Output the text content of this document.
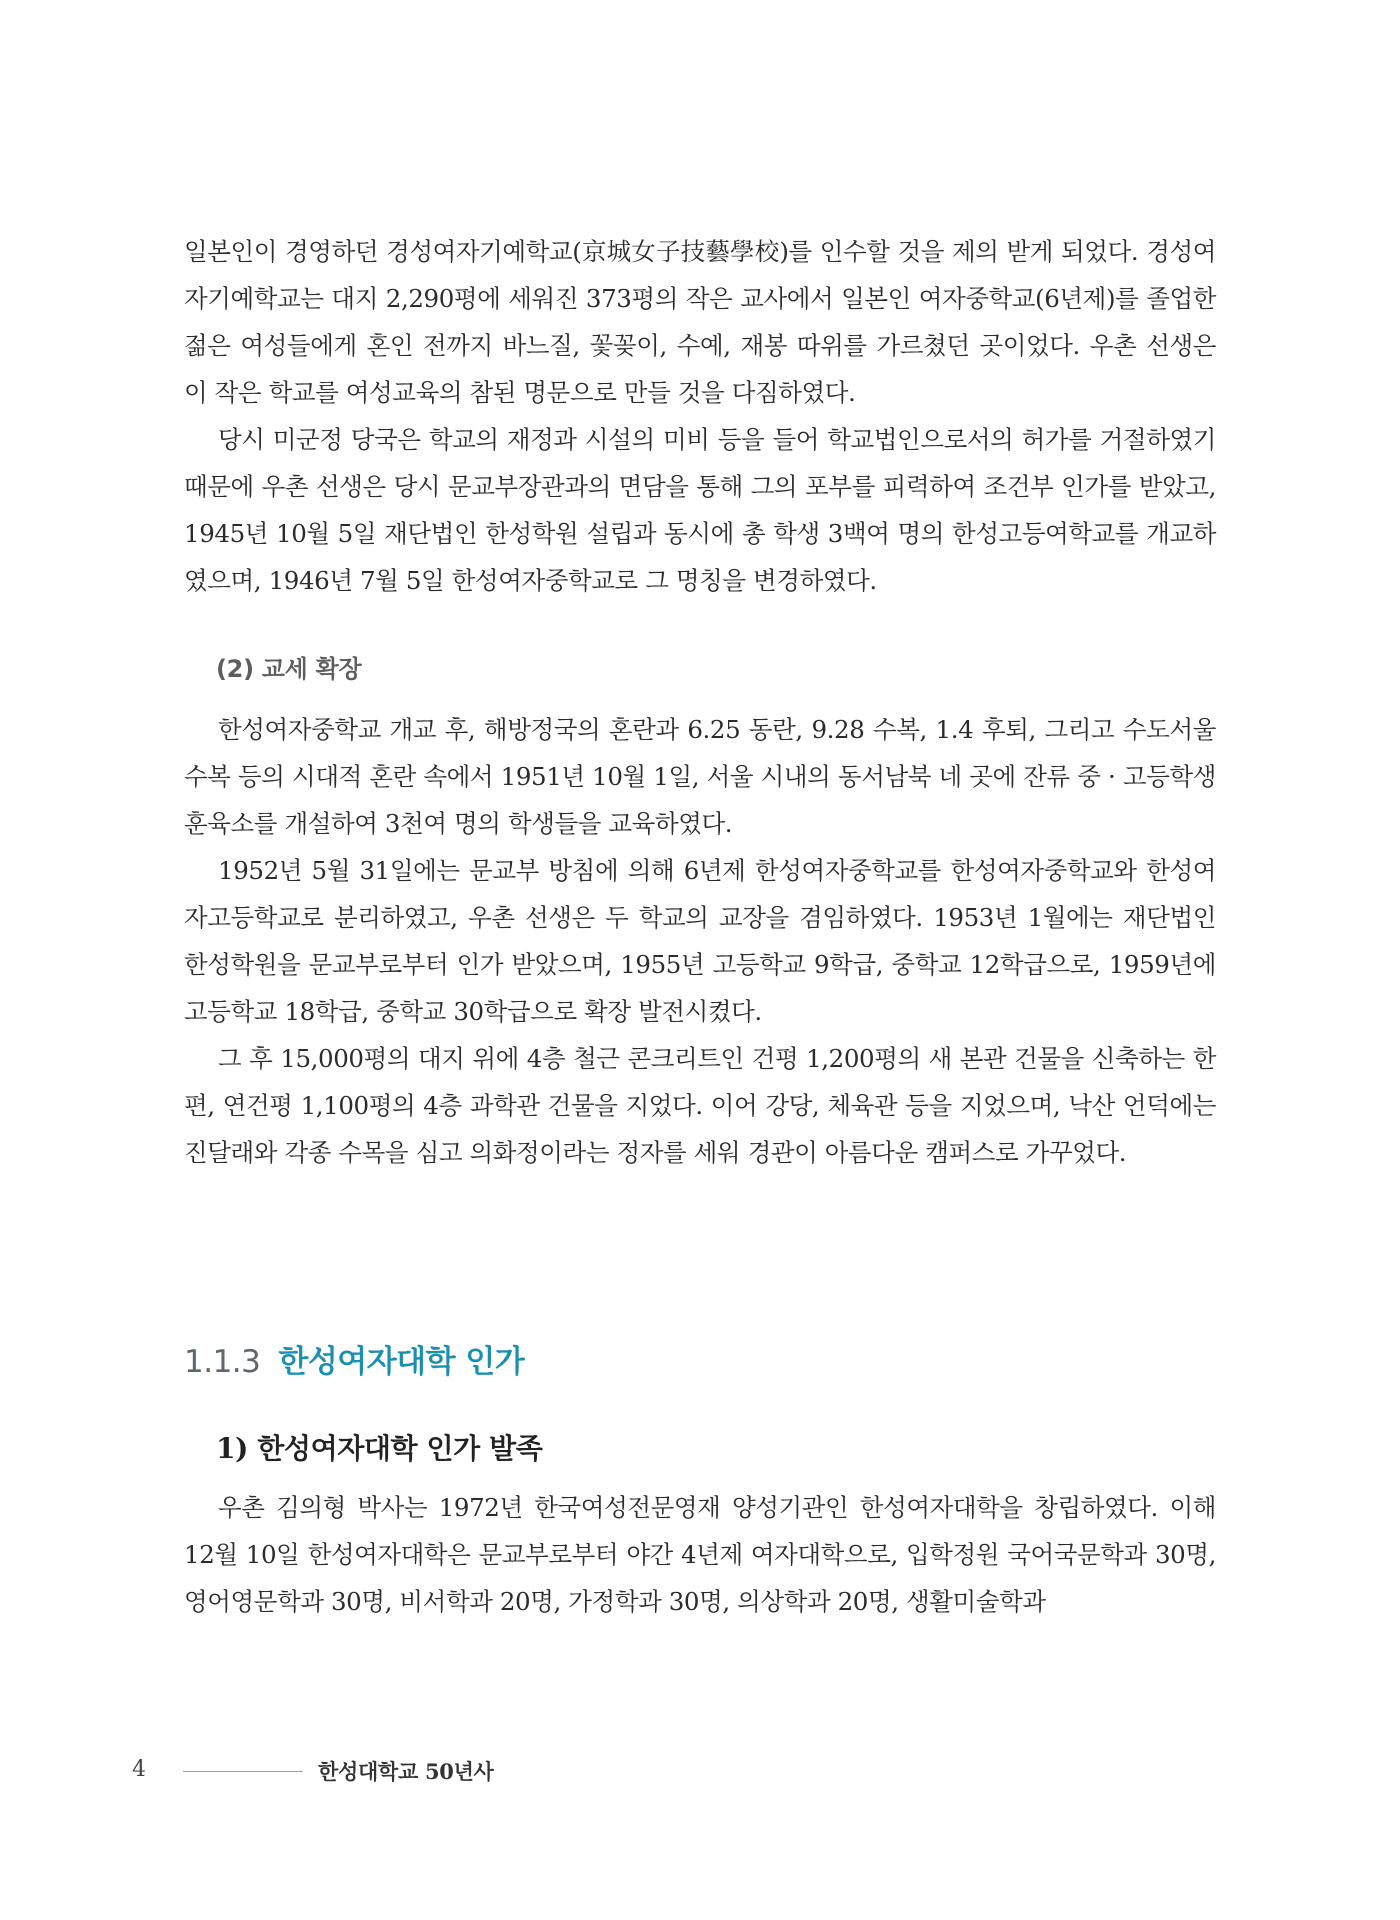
일본인이 경영하던 경성여자기예학교(京城女子技藝學校)를 인수할 것을 제의 받게 되었다. 경성여자기예학교는 대지 2,290평에 세워진 373평의 작은 교사에서 일본인 여자중학교(6년제)를 졸업한 젊은 여성들에게 혼인 전까지 바느질, 꽃꽂이, 수예, 재봉 따위를 가르쳤던 곳이었다. 우촌 선생은 이 작은 학교를 여성교육의 참된 명문으로 만들 것을 다짐하였다.

당시 미군정 당국은 학교의 재정과 시설의 미비 등을 들어 학교법인으로서의 허가를 거절하였기 때문에 우촌 선생은 당시 문교부장관과의 면담을 통해 그의 포부를 피력하여 조건부 인가를 받았고, 1945년 10월 5일 재단법인 한성학원 설립과 동시에 총 학생 3백여 명의 한성고등여학교를 개교하였으며, 1946년 7월 5일 한성여자중학교로 그 명칭을 변경하였다.

(2) 교세 확장

한성여자중학교 개교 후, 해방정국의 혼란과 6.25 동란, 9.28 수복, 1.4 후퇴, 그리고 수도서울수복 등의 시대적 혼란 속에서 1951년 10월 1일, 서울 시내의 동서남북 네 곳에 잔류 중 · 고등학생 훈육소를 개설하여 3천여 명의 학생들을 교육하였다.

1952년 5월 31일에는 문교부 방침에 의해 6년제 한성여자중학교를 한성여자중학교와 한성여자고등학교로 분리하였고, 우촌 선생은 두 학교의 교장을 겸임하였다. 1953년 1월에는 재단법인 한성학원을 문교부로부터 인가 받았으며, 1955년 고등학교 9학급, 중학교 12학급으로, 1959년에 고등학교 18학급, 중학교 30학급으로 확장 발전시켰다.

그 후 15,000평의 대지 위에 4층 철근 콘크리트인 건평 1,200평의 새 본관 건물을 신축하는 한편, 연건평 1,100평의 4층 과학관 건물을 지었다. 이어 강당, 체육관 등을 지었으며, 낙산 언덕에는 진달래와 각종 수목을 심고 의화정이라는 정자를 세워 경관이 아름다운 캠퍼스로 가꾸었다.

1.1.3 한성여자대학 인가
1) 한성여자대학 인가 발족

우촌 김의형 박사는 1972년 한국여성전문영재 양성기관인 한성여자대학을 창립하였다. 이해 12월 10일 한성여자대학은 문교부로부터 야간 4년제 여자대학으로, 입학정원 국어국문학과 30명, 영어영문학과 30명, 비서학과 20명, 가정학과 30명, 의상학과 20명, 생활미술학과

4	한성대학교 50년사
